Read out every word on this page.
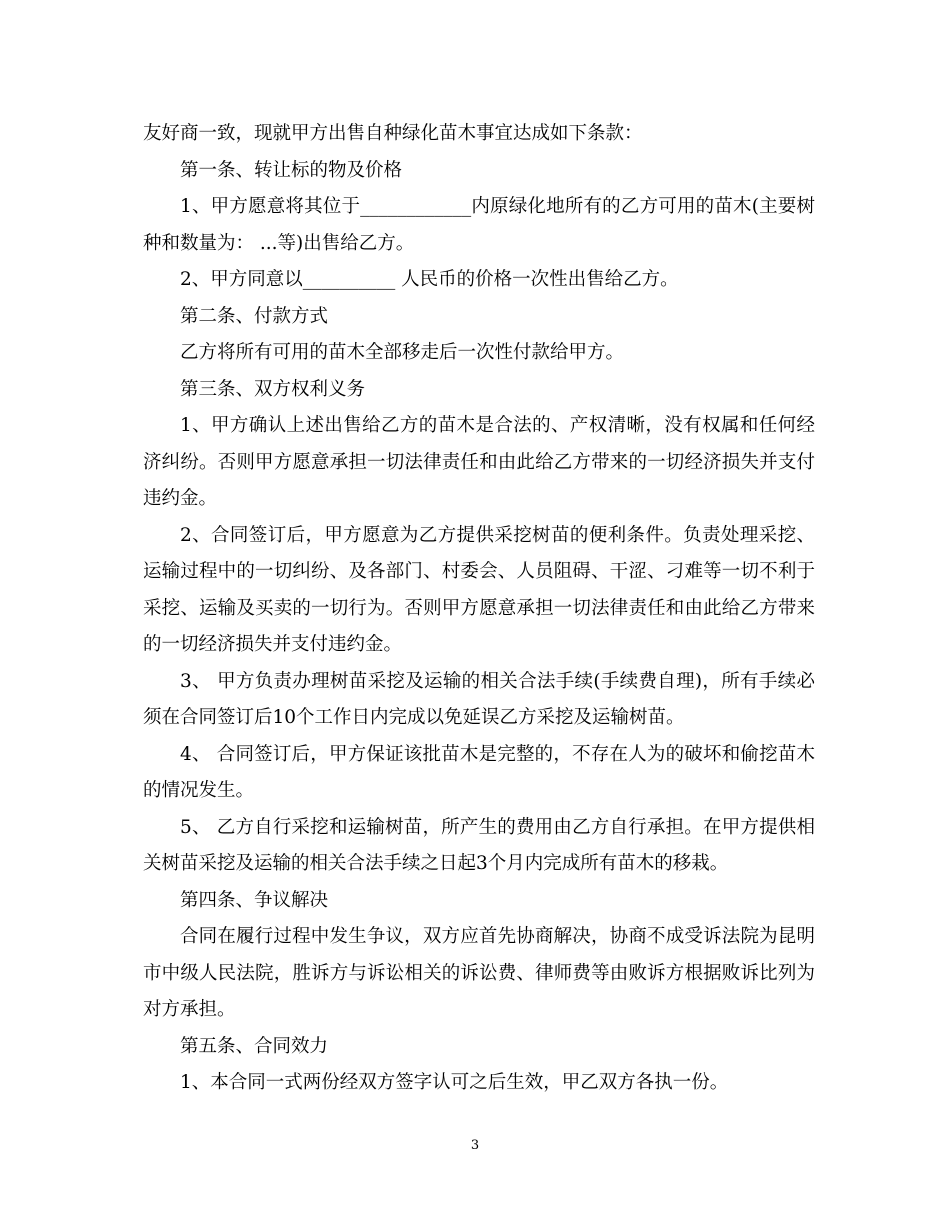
友好商一致，现就甲方出售自种绿化苗木事宜达成如下条款：

第一条、转让标的物及价格

1、甲方愿意将其位于____________内原绿化地所有的乙方可用的苗木(主要树种和数量为： ...等)出售给乙方。

2、甲方同意以__________ 人民币的价格一次性出售给乙方。

第二条、付款方式

乙方将所有可用的苗木全部移走后一次性付款给甲方。

第三条、双方权利义务

1、甲方确认上述出售给乙方的苗木是合法的、产权清晰，没有权属和任何经济纠纷。否则甲方愿意承担一切法律责任和由此给乙方带来的一切经济损失并支付违约金。

2、合同签订后，甲方愿意为乙方提供采挖树苗的便利条件。负责处理采挖、运输过程中的一切纠纷、及各部门、村委会、人员阻碍、干涩、刁难等一切不利于采挖、运输及买卖的一切行为。否则甲方愿意承担一切法律责任和由此给乙方带来的一切经济损失并支付违约金。

3、 甲方负责办理树苗采挖及运输的相关合法手续(手续费自理)，所有手续必须在合同签订后10个工作日内完成以免延误乙方采挖及运输树苗。

4、 合同签订后，甲方保证该批苗木是完整的，不存在人为的破坏和偷挖苗木的情况发生。

5、 乙方自行采挖和运输树苗，所产生的费用由乙方自行承担。在甲方提供相关树苗采挖及运输的相关合法手续之日起3个月内完成所有苗木的移栽。

第四条、争议解决

合同在履行过程中发生争议，双方应首先协商解决，协商不成受诉法院为昆明市中级人民法院，胜诉方与诉讼相关的诉讼费、律师费等由败诉方根据败诉比列为对方承担。

第五条、合同效力

1、本合同一式两份经双方签字认可之后生效，甲乙双方各执一份。

3
